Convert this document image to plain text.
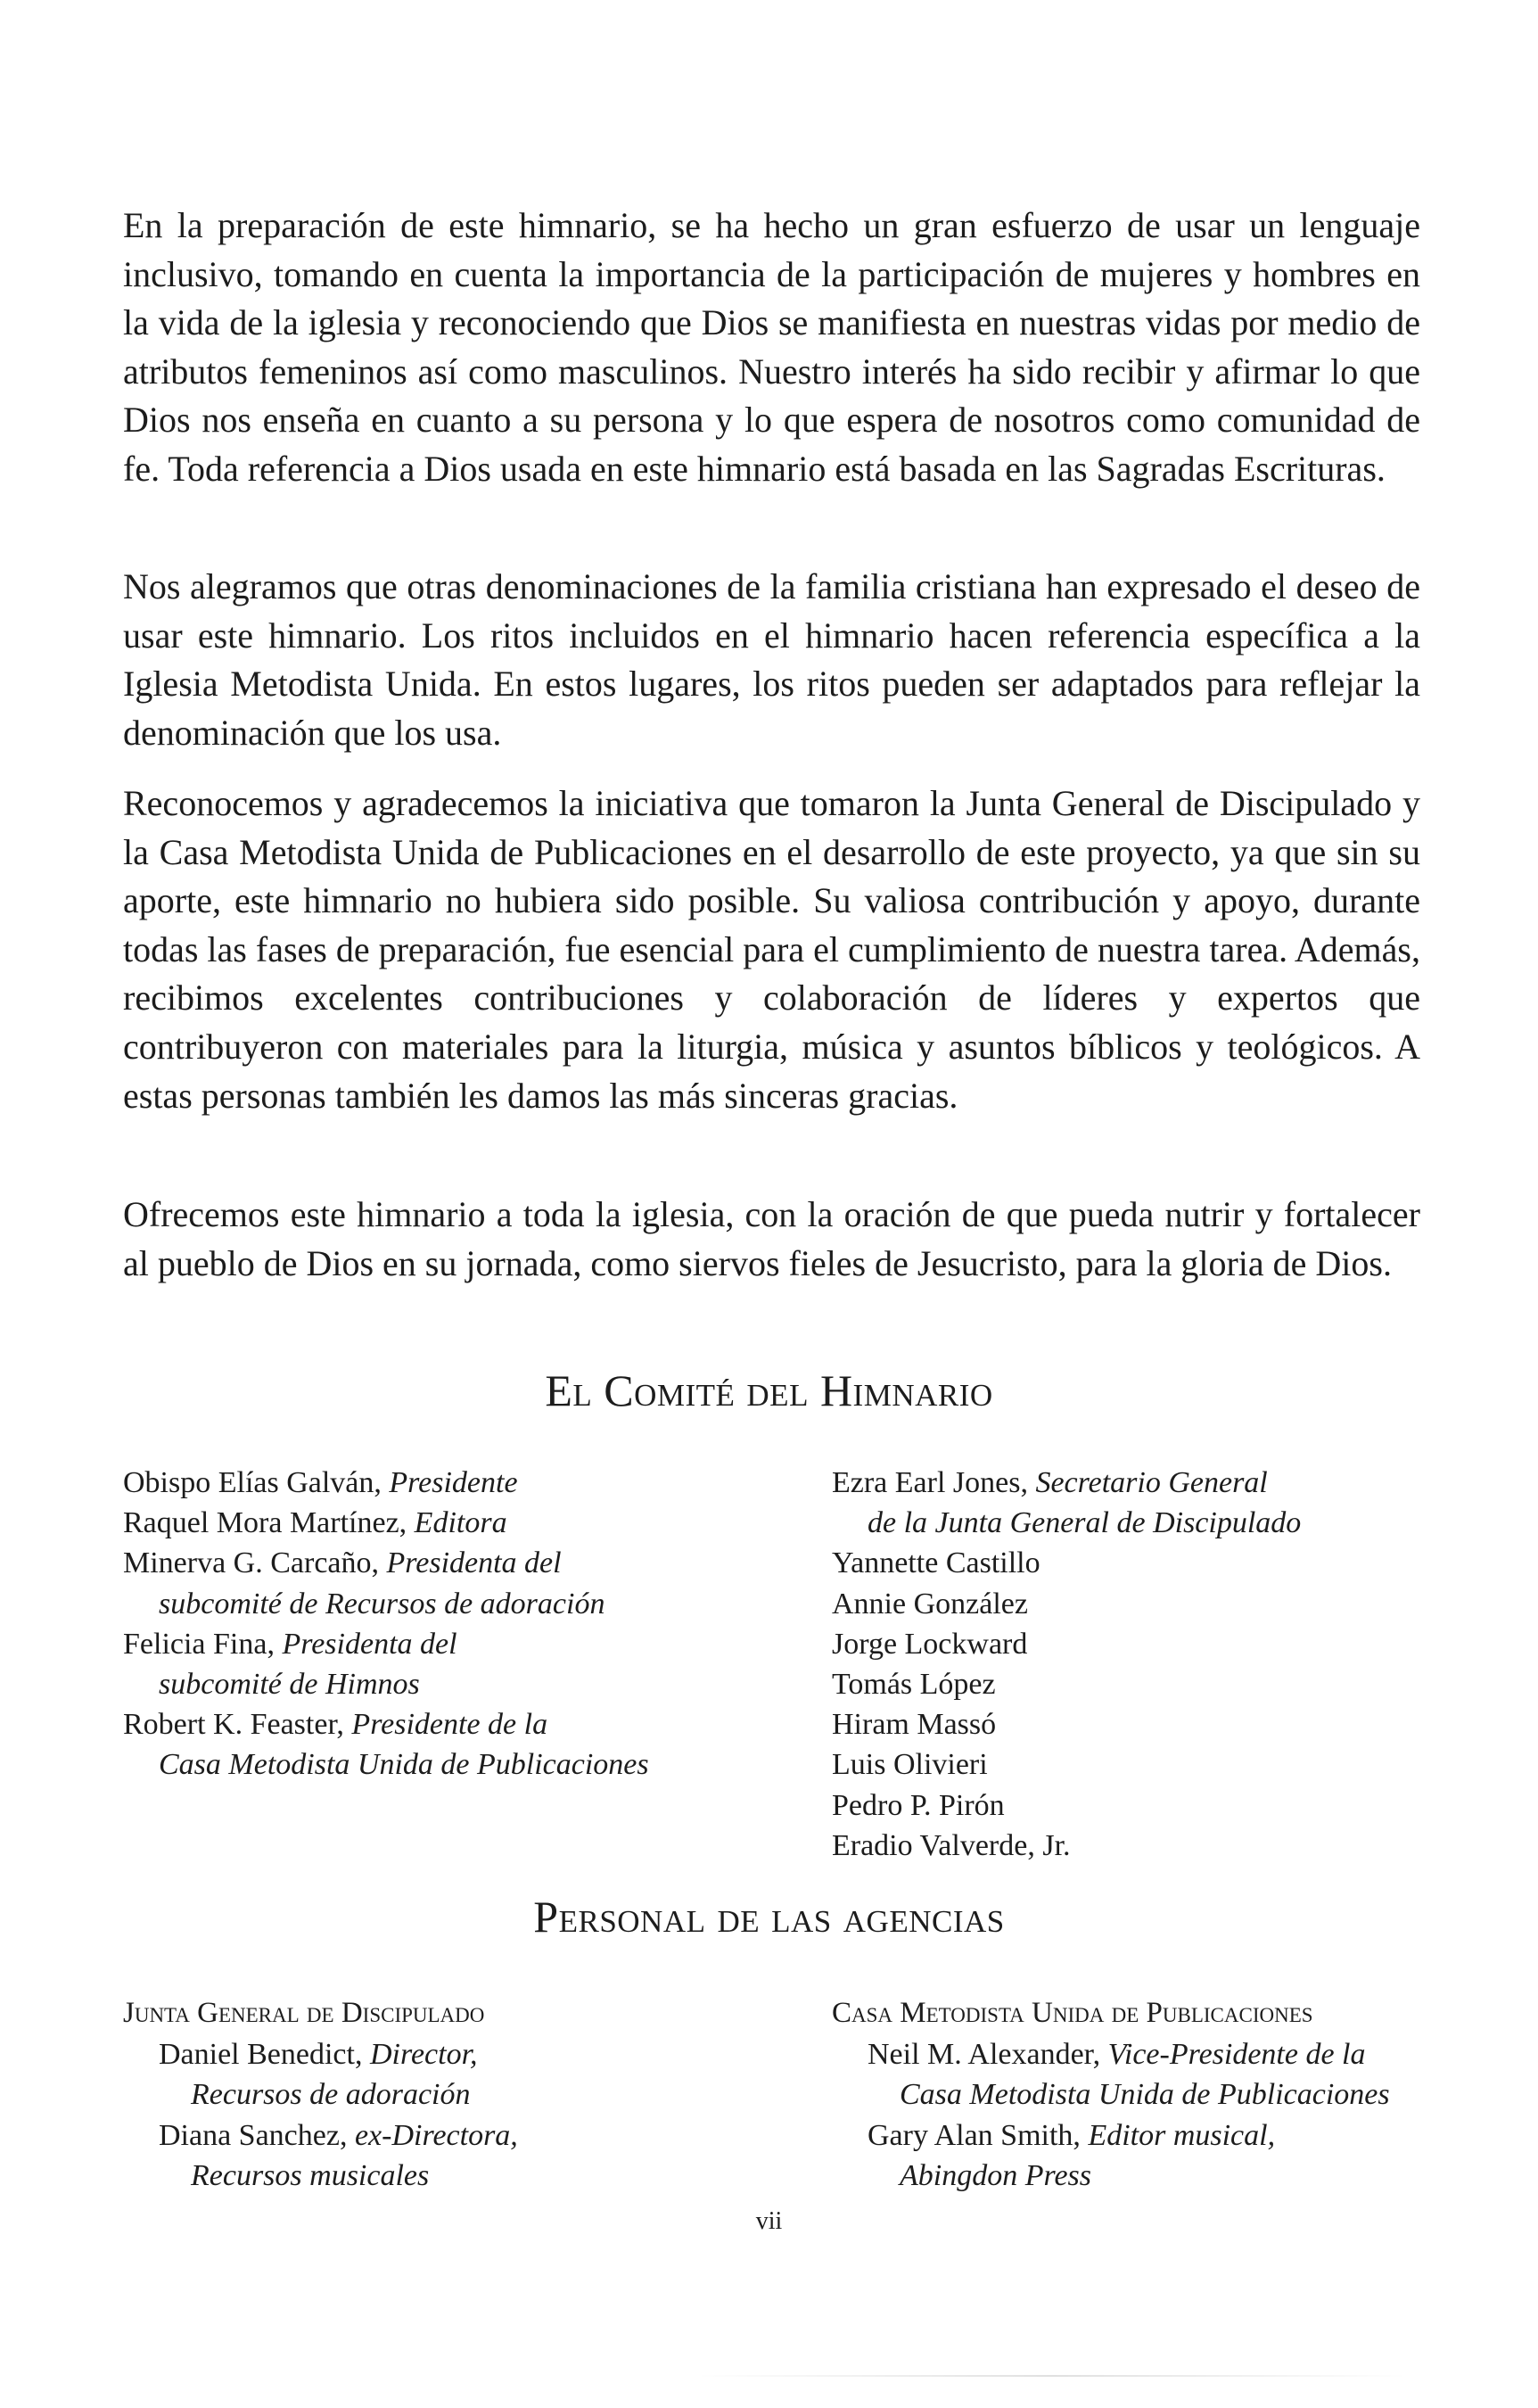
En la preparación de este himnario, se ha hecho un gran esfuerzo de usar un lenguaje inclusivo, tomando en cuenta la importancia de la participación de mujeres y hombres en la vida de la iglesia y reconociendo que Dios se manifiesta en nuestras vidas por medio de atributos femeninos así como masculinos. Nuestro interés ha sido recibir y afirmar lo que Dios nos enseña en cuanto a su persona y lo que espera de nosotros como comunidad de fe. Toda referencia a Dios usada en este himnario está basada en las Sagradas Escrituras.

Nos alegramos que otras denominaciones de la familia cristiana han expresado el deseo de usar este himnario. Los ritos incluidos en el himnario hacen referencia específica a la Iglesia Metodista Unida. En estos lugares, los ritos pueden ser adaptados para reflejar la denominación que los usa.

Reconocemos y agradecemos la iniciativa que tomaron la Junta General de Discipulado y la Casa Metodista Unida de Publicaciones en el desarrollo de este proyecto, ya que sin su aporte, este himnario no hubiera sido posible. Su valiosa contribución y apoyo, durante todas las fases de preparación, fue esencial para el cumplimiento de nuestra tarea. Además, recibimos excelentes contribuciones y colaboración de líderes y expertos que contribuyeron con materiales para la liturgia, música y asuntos bíblicos y teológicos. A estas personas también les damos las más sinceras gracias.

Ofrecemos este himnario a toda la iglesia, con la oración de que pueda nutrir y fortalecer al pueblo de Dios en su jornada, como siervos fieles de Jesucristo, para la gloria de Dios.

El Comité del Himnario
Obispo Elías Galván, Presidente
Raquel Mora Martínez, Editora
Minerva G. Carcaño, Presidenta del
subcomité de Recursos de adoración
Felicia Fina, Presidenta del
subcomité de Himnos
Robert K. Feaster, Presidente de la
Casa Metodista Unida de Publicaciones
Ezra Earl Jones, Secretario General
de la Junta General de Discipulado
Yannette Castillo
Annie González
Jorge Lockward
Tomás López
Hiram Massó
Luis Olivieri
Pedro P. Pirón
Eradio Valverde, Jr.
Personal de las agencias
Junta General de Discipulado
Daniel Benedict, Director,
Recursos de adoración
Diana Sanchez, ex-Directora,
Recursos musicales
Casa Metodista Unida de Publicaciones
Neil M. Alexander, Vice-Presidente de la
Casa Metodista Unida de Publicaciones
Gary Alan Smith, Editor musical,
Abingdon Press
vii
